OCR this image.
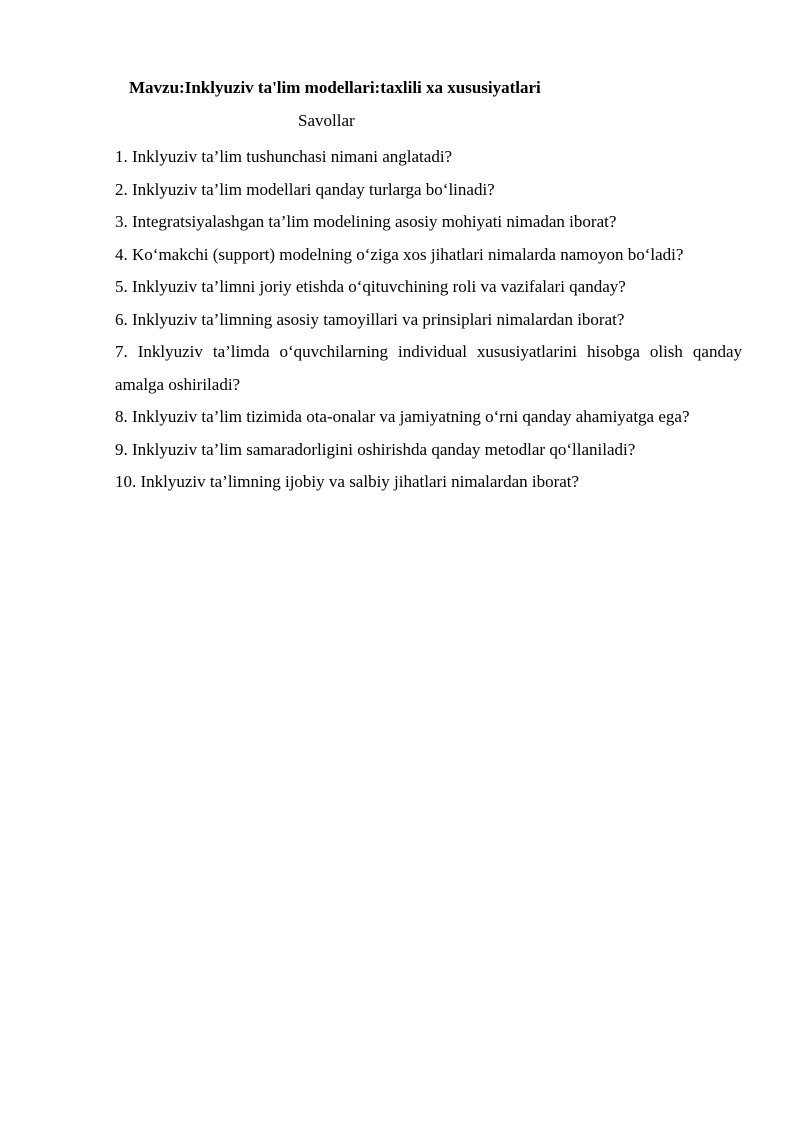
Mavzu:Inklyuziv ta'lim modellari:taxlili xa xususiyatlari
Savollar
1. Inklyuziv ta’lim tushunchasi nimani anglatadi?
2. Inklyuziv ta’lim modellari qanday turlarga bo‘linadi?
3. Integratsiyalashgan ta’lim modelining asosiy mohiyati nimadan iborat?
4. Ko‘makchi (support) modelning o‘ziga xos jihatlari nimalarda namoyon bo‘ladi?
5. Inklyuziv ta’limni joriy etishda o‘qituvchining roli va vazifalari qanday?
6. Inklyuziv ta’limning asosiy tamoyillari va prinsiplari nimalardan iborat?
7. Inklyuziv ta’limda o‘quvchilarning individual xususiyatlarini hisobga olish qanday amalga oshiriladi?
8. Inklyuziv ta’lim tizimida ota-onalar va jamiyatning o‘rni qanday ahamiyatga ega?
9. Inklyuziv ta’lim samaradorligini oshirishda qanday metodlar qo‘llaniladi?
10. Inklyuziv ta’limning ijobiy va salbiy jihatlari nimalardan iborat?
